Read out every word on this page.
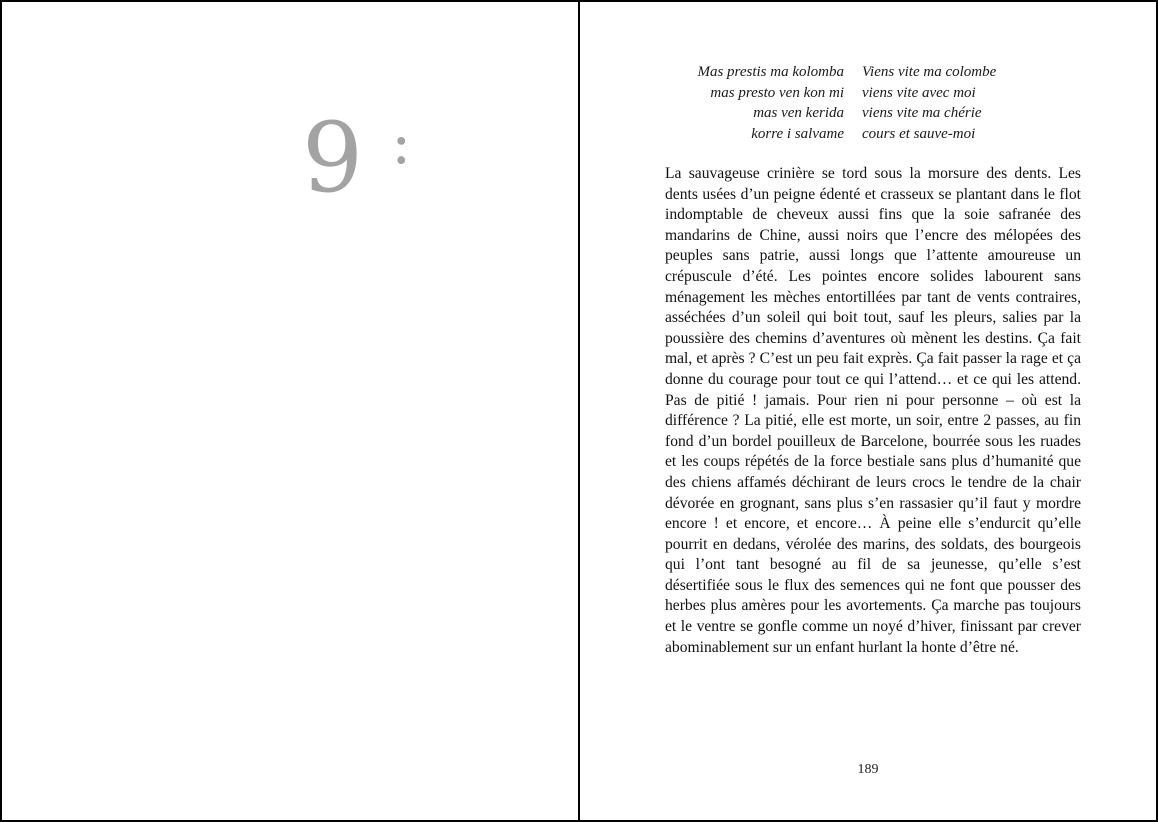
9 :
Mas prestis ma kolomba
mas presto ven kon mi
mas ven kerida
korre i salvame
Viens vite ma colombe
viens vite avec moi
viens vite ma chérie
cours et sauve-moi

La sauvageuse crinière se tord sous la morsure des dents. Les dents usées d’un peigne édenté et crasseux se plantant dans le flot indomptable de cheveux aussi fins que la soie safranée des mandarins de Chine, aussi noirs que l’encre des mélopées des peuples sans patrie, aussi longs que l’attente amoureuse un crépuscule d’été. Les pointes encore solides labourent sans ménagement les mèches entortillées par tant de vents contraires, asséchées d’un soleil qui boit tout, sauf les pleurs, salies par la poussière des chemins d’aventures où mènent les destins. Ça fait mal, et après ? C’est un peu fait exprès. Ça fait passer la rage et ça donne du courage pour tout ce qui l’attend… et ce qui les attend. Pas de pitié ! jamais. Pour rien ni pour personne – où est la différence ? La pitié, elle est morte, un soir, entre 2 passes, au fin fond d’un bordel pouilleux de Barcelone, bourrée sous les ruades et les coups répétés de la force bestiale sans plus d’humanité que des chiens affamés déchirant de leurs crocs le tendre de la chair dévorée en grognant, sans plus s’en rassasier qu’il faut y mordre encore ! et encore, et encore… À peine elle s’endurcit qu’elle pourrit en dedans, vérolée des marins, des soldats, des bourgeois qui l’ont tant besogné au fil de sa jeunesse, qu’elle s’est désertifiée sous le flux des semences qui ne font que pousser des herbes plus amères pour les avortements. Ça marche pas toujours et le ventre se gonfle comme un noyé d’hiver, finissant par crever abominablement sur un enfant hurlant la honte d’être né.

189
